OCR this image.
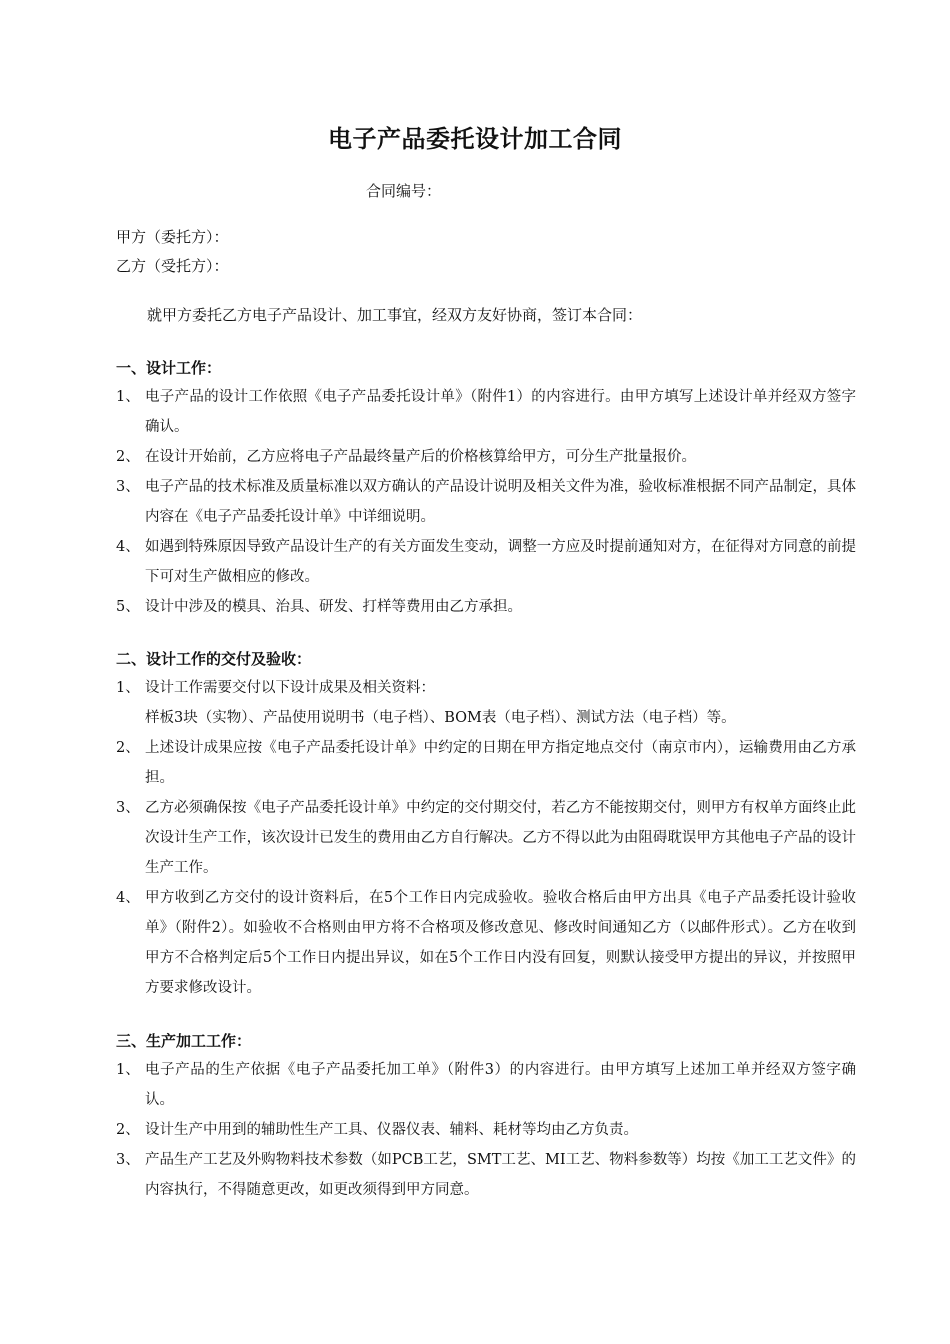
电子产品委托设计加工合同
合同编号：
甲方（委托方）：
乙方（受托方）：
就甲方委托乙方电子产品设计、加工事宜，经双方友好协商，签订本合同：
一、设计工作：
1、 电子产品的设计工作依照《电子产品委托设计单》（附件1）的内容进行。由甲方填写上述设计单并经双方签字确认。
2、 在设计开始前，乙方应将电子产品最终量产后的价格核算给甲方，可分生产批量报价。
3、 电子产品的技术标准及质量标准以双方确认的产品设计说明及相关文件为准，验收标准根据不同产品制定，具体内容在《电子产品委托设计单》中详细说明。
4、 如遇到特殊原因导致产品设计生产的有关方面发生变动，调整一方应及时提前通知对方，在征得对方同意的前提下可对生产做相应的修改。
5、 设计中涉及的模具、治具、研发、打样等费用由乙方承担。
二、设计工作的交付及验收：
1、 设计工作需要交付以下设计成果及相关资料：
样板3块（实物）、产品使用说明书（电子档）、BOM表（电子档）、测试方法（电子档）等。
2、 上述设计成果应按《电子产品委托设计单》中约定的日期在甲方指定地点交付（南京市内），运输费用由乙方承担。
3、 乙方必须确保按《电子产品委托设计单》中约定的交付期交付，若乙方不能按期交付，则甲方有权单方面终止此次设计生产工作，该次设计已发生的费用由乙方自行解决。乙方不得以此为由阻碍耽误甲方其他电子产品的设计生产工作。
4、 甲方收到乙方交付的设计资料后，在5个工作日内完成验收。验收合格后由甲方出具《电子产品委托设计验收单》（附件2）。如验收不合格则由甲方将不合格项及修改意见、修改时间通知乙方（以邮件形式）。乙方在收到甲方不合格判定后5个工作日内提出异议，如在5个工作日内没有回复，则默认接受甲方提出的异议，并按照甲方要求修改设计。
三、生产加工工作：
1、 电子产品的生产依据《电子产品委托加工单》（附件3）的内容进行。由甲方填写上述加工单并经双方签字确认。
2、 设计生产中用到的辅助性生产工具、仪器仪表、辅料、耗材等均由乙方负责。
3、 产品生产工艺及外购物料技术参数（如PCB工艺，SMT工艺、MI工艺、物料参数等）均按《加工工艺文件》的内容执行，不得随意更改，如更改须得到甲方同意。
